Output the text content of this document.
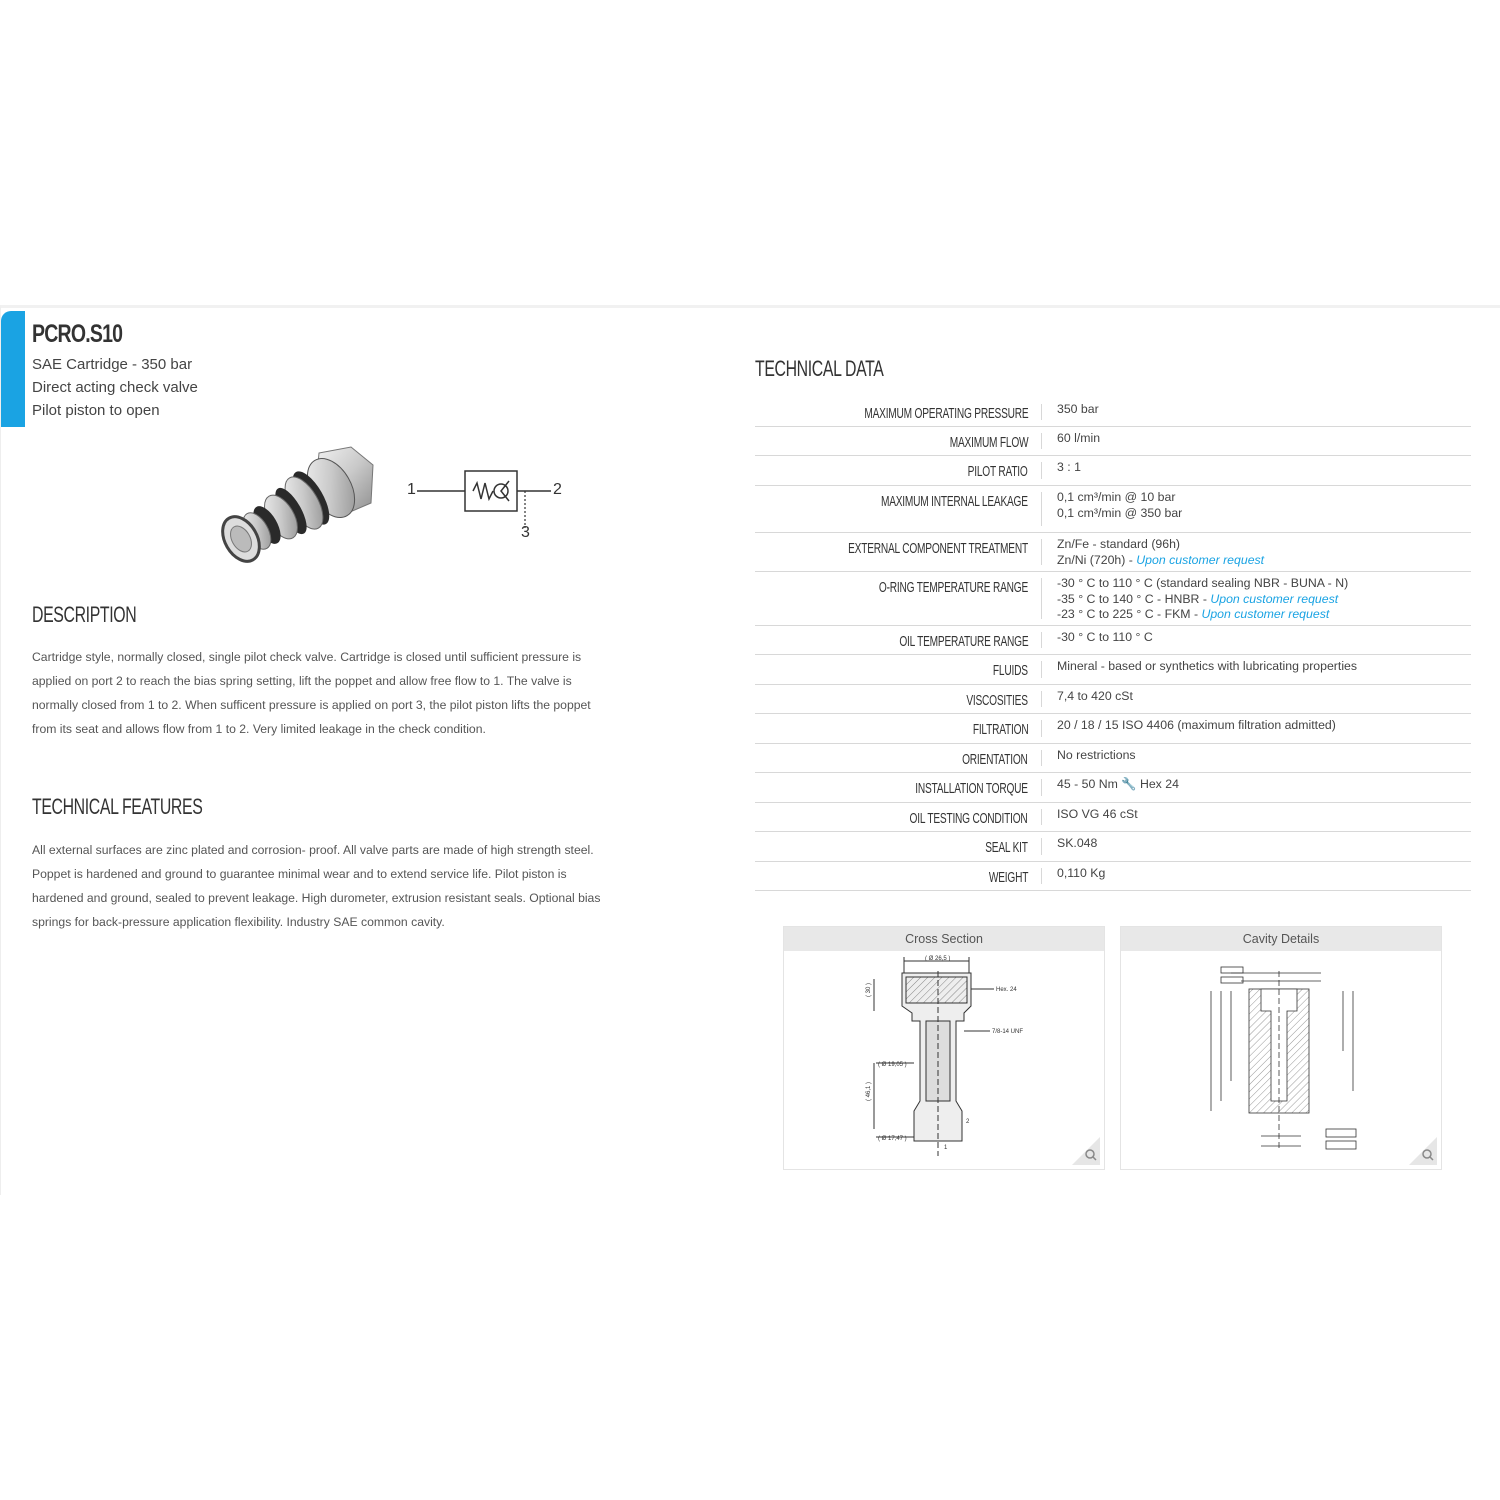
PCRO.S10
SAE Cartridge - 350 bar
Direct acting check valve
Pilot piston to open
1	2
3
DESCRIPTION

Cartridge style, normally closed, single pilot check valve. Cartridge is closed until sufficient pressure is applied on port 2 to reach the bias spring setting, lift the poppet and allow free flow to 1. The valve is normally closed from 1 to 2. When sufficent pressure is applied on port 3, the pilot piston lifts the poppet from its seat and allows flow from 1 to 2. Very limited leakage in the check condition.

TECHNICAL FEATURES

All external surfaces are zinc plated and corrosion- proof. All valve parts are made of high strength steel. Poppet is hardened and ground to guarantee minimal wear and to extend service life. Pilot piston is hardened and ground, sealed to prevent leakage. High durometer, extrusion resistant seals. Optional bias springs for back-pressure application flexibility. Industry SAE common cavity.

TECHNICAL DATA
MAXIMUM OPERATING PRESSURE	350 bar
MAXIMUM FLOW	60 l/min
PILOT RATIO	3 : 1
MAXIMUM INTERNAL LEAKAGE	0,1 cm³/min @ 10 bar
0,1 cm³/min @ 350 bar
EXTERNAL COMPONENT TREATMENT	Zn/Fe - standard (96h)
Zn/Ni (720h) - Upon customer request
O-RING TEMPERATURE RANGE	-30 ° C to 110 ° C (standard sealing NBR - BUNA - N)
-35 ° C to 140 ° C - HNBR - Upon customer request
-23 ° C to 225 ° C - FKM - Upon customer request
OIL TEMPERATURE RANGE	-30 ° C to 110 ° C
FLUIDS	Mineral - based or synthetics with lubricating properties
VISCOSITIES	7,4 to 420 cSt
FILTRATION	20 / 18 / 15 ISO 4406 (maximum filtration admitted)
ORIENTATION	No restrictions
INSTALLATION TORQUE	45 - 50 Nm 🔧 Hex 24
OIL TESTING CONDITION	ISO VG 46 cSt
SEAL KIT	SK.048
WEIGHT	0,110 Kg
Cross Section
( Ø 26,5 )
Hex. 24
7/8-14 UNF
( Ø 19,05 )
( Ø 17,47 )
( 30 )
( 46,1 )
2
1
Cavity Details
